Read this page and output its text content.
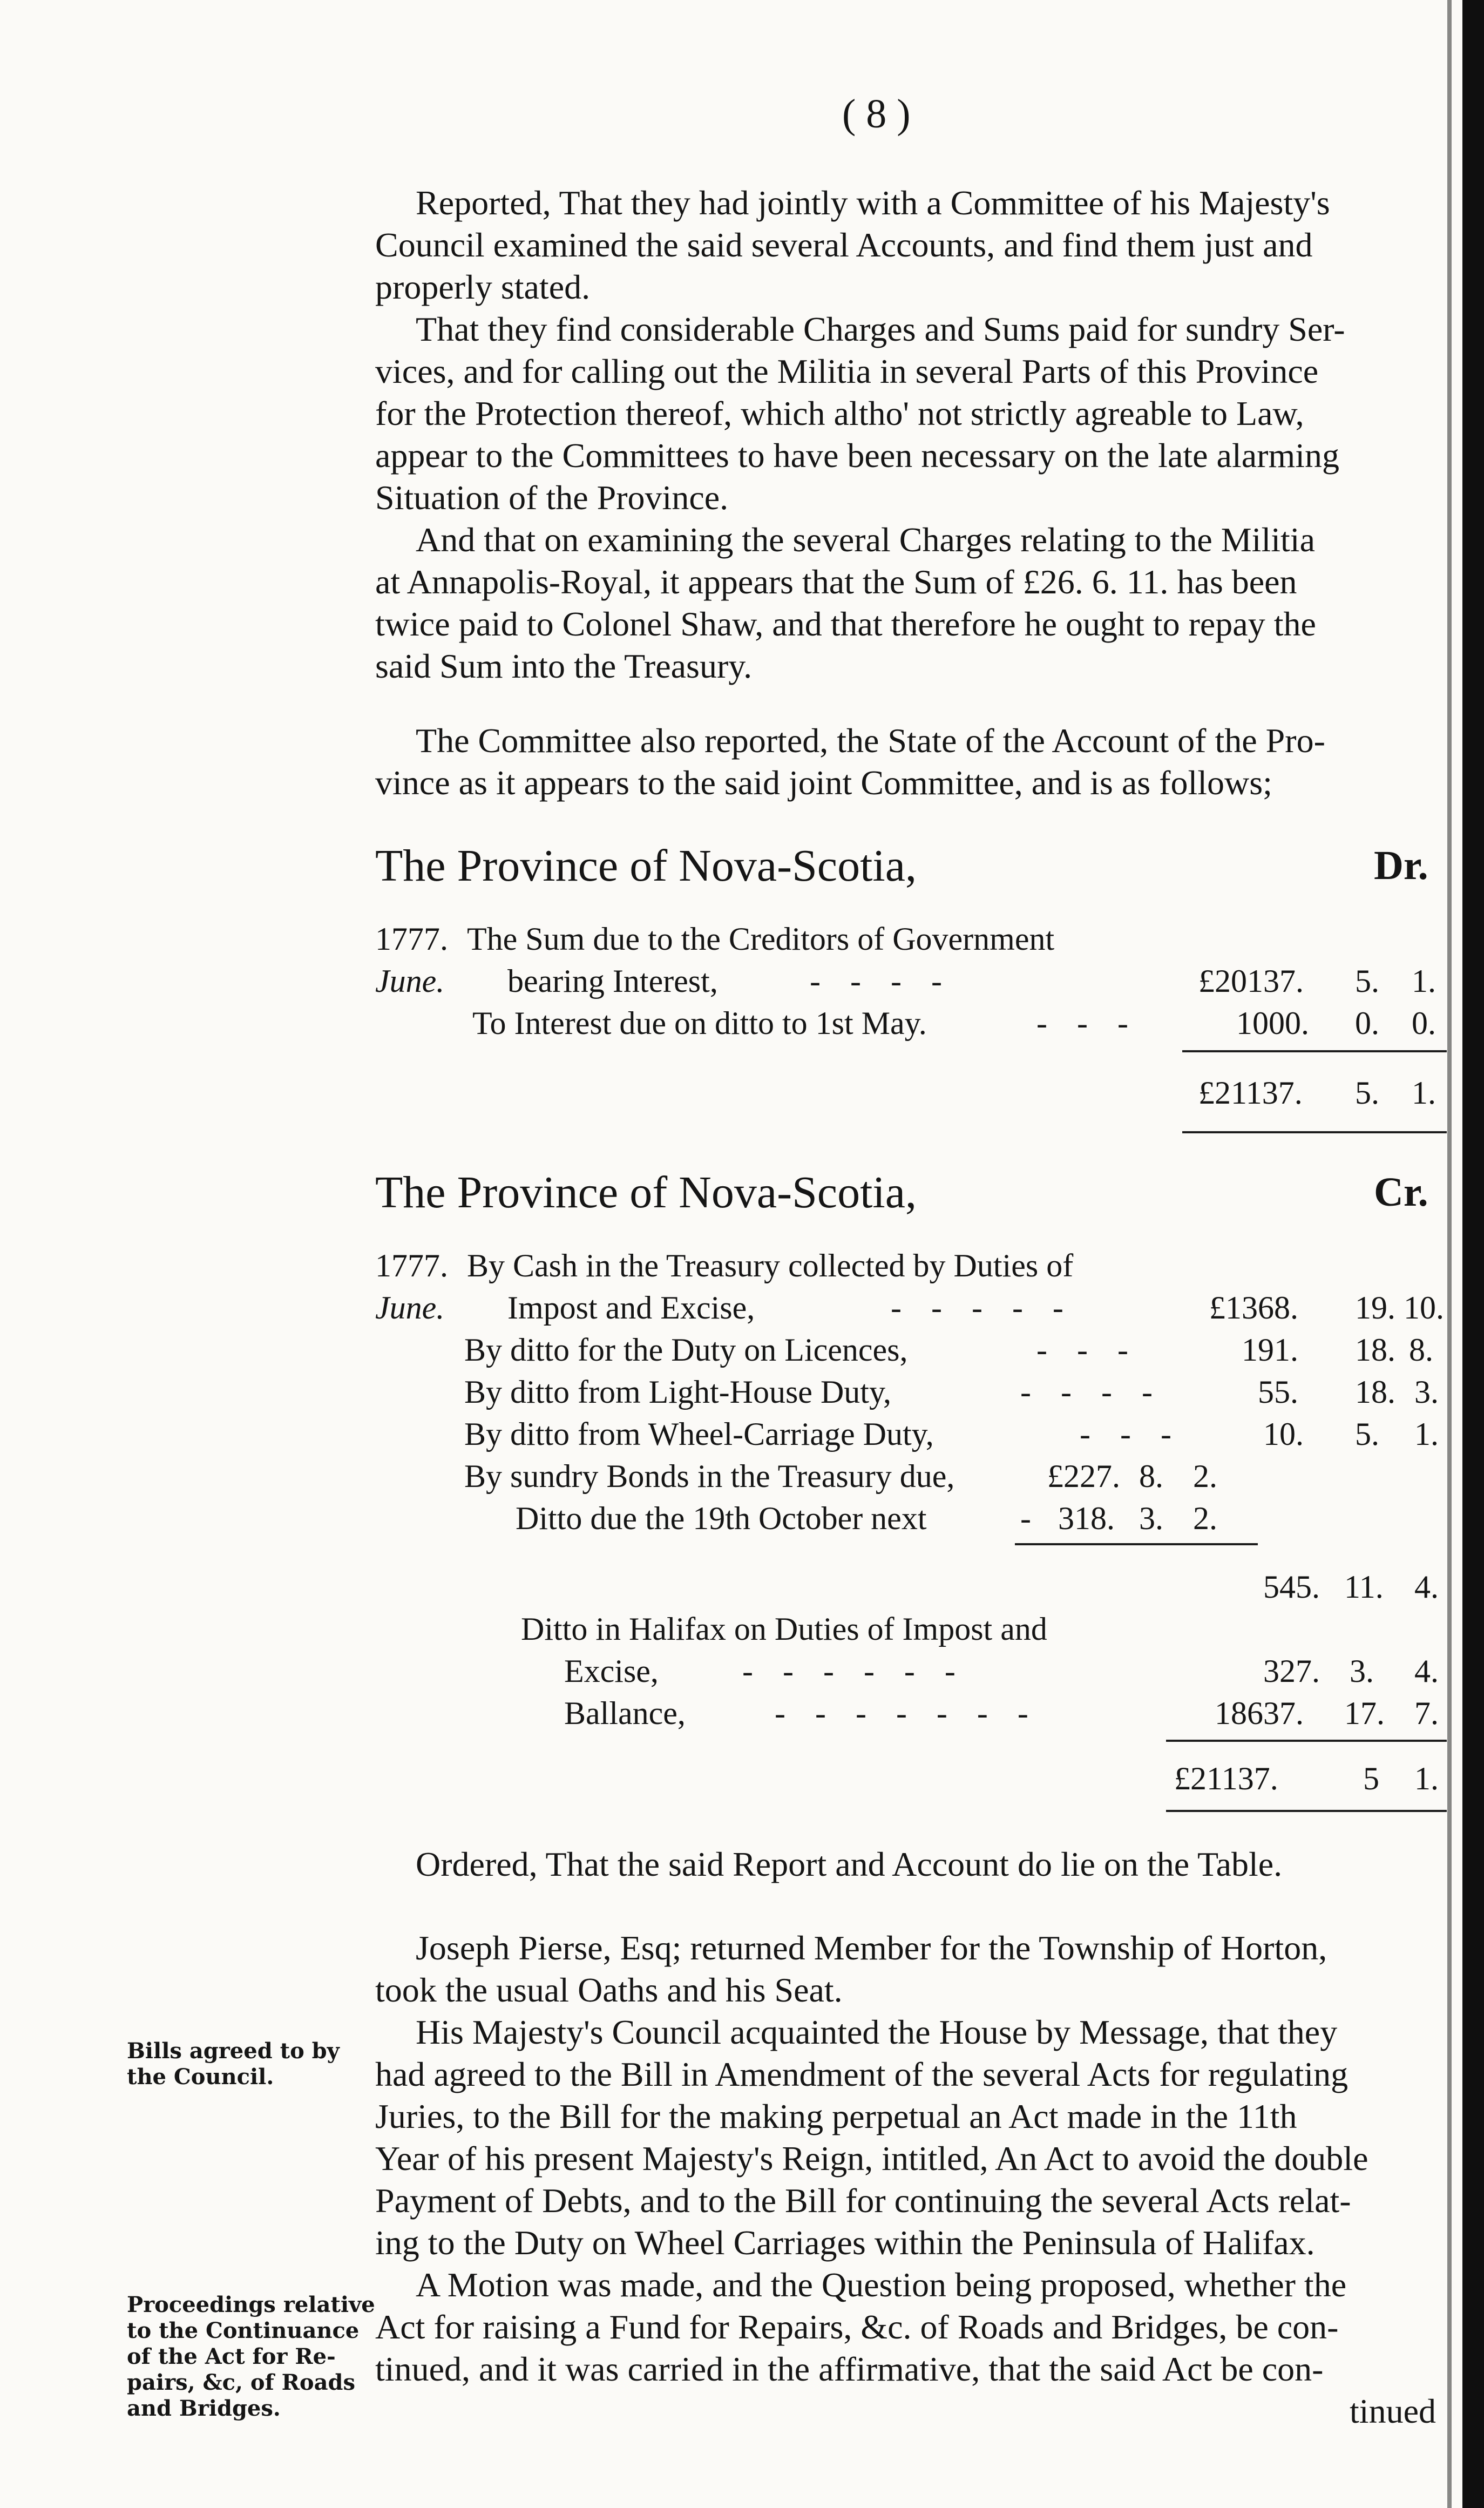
( 8 )
Reported, That they had jointly with a Committee of his Majesty's
Council examined the said several Accounts, and find them just and
properly stated.
That they find considerable Charges and Sums paid for sundry Ser-
vices, and for calling out the Militia in several Parts of this Province
for the Protection thereof, which altho' not strictly agreable to Law,
appear to the Committees to have been necessary on the late alarming
Situation of the Province.
And that on examining the several Charges relating to the Militia
at Annapolis-Royal, it appears that the Sum of £26. 6. 11. has been
twice paid to Colonel Shaw, and that therefore he ought to repay the
said Sum into the Treasury.
The Committee also reported, the State of the Account of the Pro-
vince as it appears to the said joint Committee, and is as follows;
The Province of Nova-Scotia,	Dr.
1777. The Sum due to the Creditors of Government
June. bearing Interest,	- - - -	£20137. 5. 1.
To Interest due on ditto to 1st May.	- - -	1000. 0. 0.
£21137. 5. 1.
The Province of Nova-Scotia,	Cr.
1777. By Cash in the Treasury collected by Duties of
June. Impost and Excise,	- - - - -	£1368. 19. 10.
By ditto for the Duty on Licences,	- - -	191. 18. 8.
By ditto from Light-House Duty,	- - - -	55. 18. 3.
By ditto from Wheel-Carriage Duty,	- - -	10. 5. 1.
By sundry Bonds in the Treasury due,	£227. 8. 2.
Ditto due the 19th October next	- 318. 3. 2.
545. 11. 4.
Ditto in Halifax on Duties of Impost and
Excise,	- - - - - -	327. 3. 4.
Ballance,	- - - - - - -	18637. 17. 7.
£21137.	5 1.
Ordered, That the said Report and Account do lie on the Table.
Joseph Pierse, Esq; returned Member for the Township of Horton,
took the usual Oaths and his Seat.
His Majesty's Council acquainted the House by Message, that they
had agreed to the Bill in Amendment of the several Acts for regulating
Juries, to the Bill for the making perpetual an Act made in the 11th
Year of his present Majesty's Reign, intitled, An Act to avoid the double
Payment of Debts, and to the Bill for continuing the several Acts relat-
ing to the Duty on Wheel Carriages within the Peninsula of Halifax.
A Motion was made, and the Question being proposed, whether the
Act for raising a Fund for Repairs, &c. of Roads and Bridges, be con-
tinued, and it was carried in the affirmative, that the said Act be con-
tinued
Bills agreed to by
the Council.
Proceedings relative
to the Continuance
of the Act for Re-
pairs, &c, of Roads
and Bridges.
